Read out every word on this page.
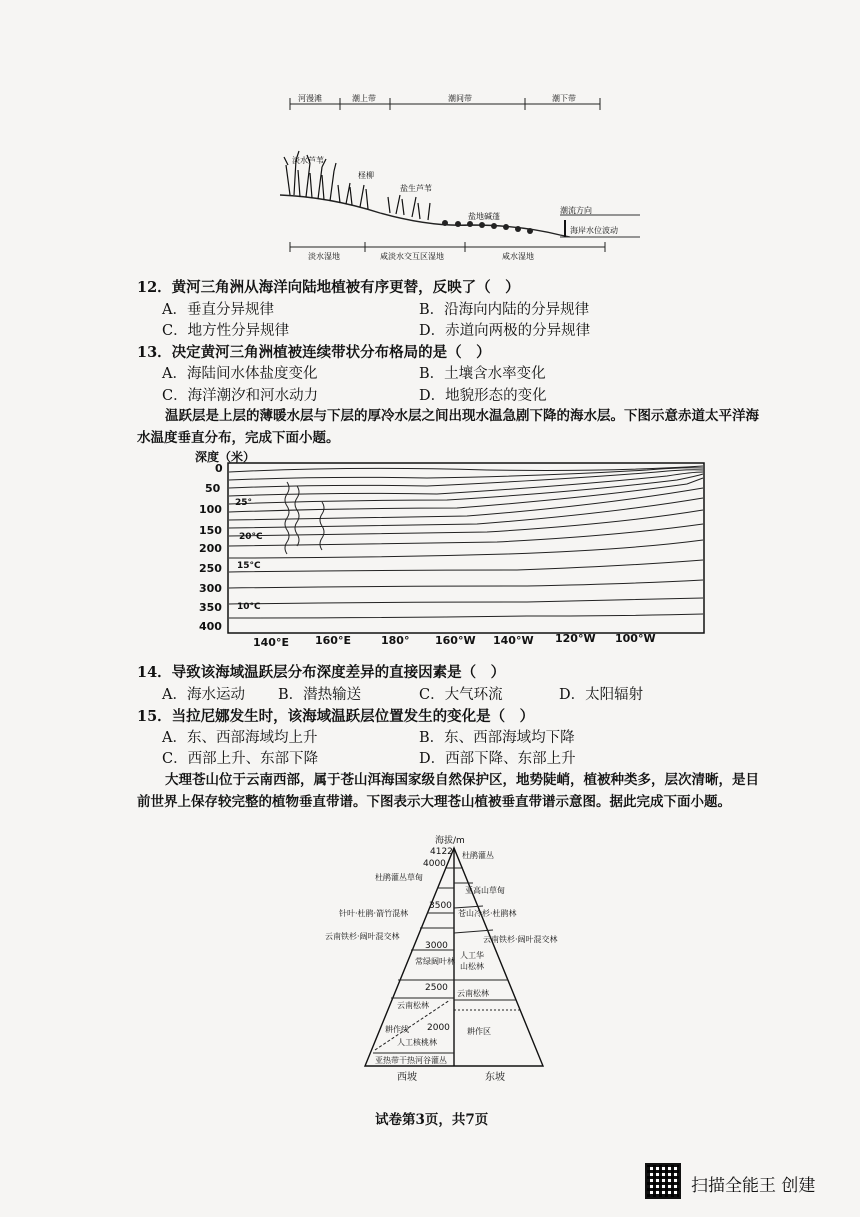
河漫滩	潮上带	潮间带	潮下带
淡水芦苇
柽柳
盐生芦苇
盐地碱蓬
潮流方向
海岸水位波动
淡水湿地	咸淡水交互区湿地	咸水湿地
12．黄河三角洲从海洋向陆地植被有序更替，反映了（　）
A．垂直分异规律	B．沿海向内陆的分异规律
C．地方性分异规律	D．赤道向两极的分异规律
13．决定黄河三角洲植被连续带状分布格局的是（　）
A．海陆间水体盐度变化	B．土壤含水率变化
C．海洋潮汐和河水动力	D．地貌形态的变化
温跃层是上层的薄暖水层与下层的厚冷水层之间出现水温急剧下降的海水层。下图示意赤道太平洋海水温度垂直分布，完成下面小题。
深度（米）
0
50
100
150
200
250
300
350
400
25°
20°C
15°C
10°C
140°E 160°E	180° 160°W 140°W 120°W 100°W
14．导致该海域温跃层分布深度差异的直接因素是（　）
A．海水运动 B．潜热输送	C．大气环流	D．太阳辐射
15．当拉尼娜发生时，该海域温跃层位置发生的变化是（　）
A．东、西部海域均上升	B．东、西部海域均下降
C．西部上升、东部下降	D．西部下降、东部上升
大理苍山位于云南西部，属于苍山洱海国家级自然保护区，地势陡峭，植被种类多，层次清晰，是目前世界上保存较完整的植物垂直带谱。下图表示大理苍山植被垂直带谱示意图。据此完成下面小题。
海拔/m
4122
4000
3500
3000
2500
2000
杜鹃灌丛草甸
针叶·杜鹃·箭竹混林
云南铁杉·阔叶混交林
常绿阔叶林
云南松林
耕作线
人工核桃林
亚热带干热河谷灌丛
杜鹃灌丛
亚高山草甸
苍山冷杉·杜鹃林
云南铁杉·阔叶混交林
人工华山松林
云南松林
耕作区
西坡	东坡
试卷第3页，共7页
扫描全能王 创建
